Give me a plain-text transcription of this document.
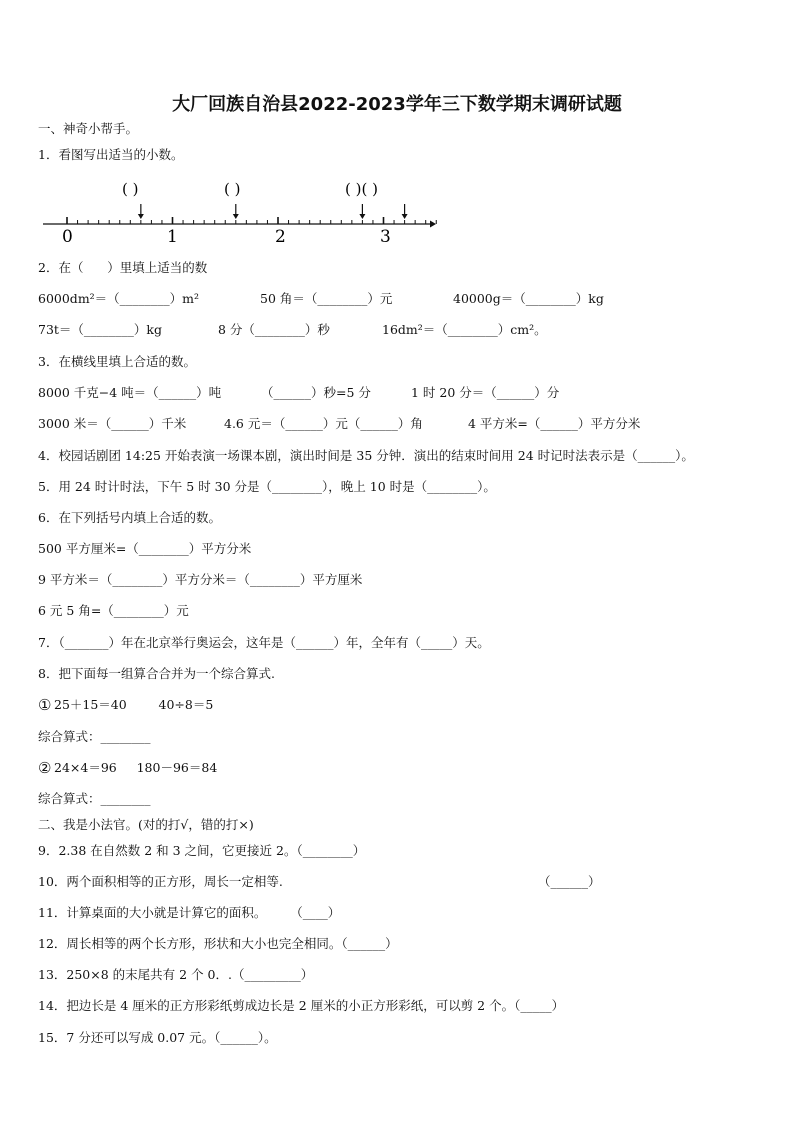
大厂回族自治县2022-2023学年三下数学期末调研试题
一、神奇小帮手。
1．看图写出适当的小数。
( )	( )	( )( )
0	1	2	3
2．在（      ）里填上适当的数
6000dm²＝（________）m²	50 角＝（________）元	40000g＝（________）kg
73t＝（________）kg	8 分（________）秒	16dm²＝（________）cm²。
3．在横线里填上合适的数。
8000 千克−4 吨＝（______）吨	（______）秒=5 分	1 时 20 分＝（______）分
3000 米＝（______）千米	4.6 元＝（______）元（______）角	4 平方米=（______）平方分米
4．校园话剧团 14:25 开始表演一场课本剧，演出时间是 35 分钟．演出的结束时间用 24 时记时法表示是（______）。
5．用 24 时计时法，下午 5 时 30 分是（________），晚上 10 时是（________）。
6．在下列括号内填上合适的数。
500 平方厘米=（________）平方分米
9 平方米＝（________）平方分米＝（________）平方厘米
6 元 5 角=（________）元
7．（_______）年在北京举行奥运会，这年是（______）年，全年有（_____）天。
8．把下面每一组算合合并为一个综合算式.
① 25＋15＝40        40÷8＝5
综合算式：________
② 24×4＝96     180－96＝84
综合算式：________
二、我是小法官。(对的打√，错的打×)
9．2.38 在自然数 2 和 3 之间，它更接近 2。（________）
10．两个面积相等的正方形，周长一定相等.	（______）
11．计算桌面的大小就是计算它的面积。      （____）
12．周长相等的两个长方形，形状和大小也完全相同。（______）
13．250×8 的末尾共有 2 个 0．.（_________）
14．把边长是 4 厘米的正方形彩纸剪成边长是 2 厘米的小正方形彩纸，可以剪 2 个。（_____）
15．7 分还可以写成 0.07 元。（______）。
